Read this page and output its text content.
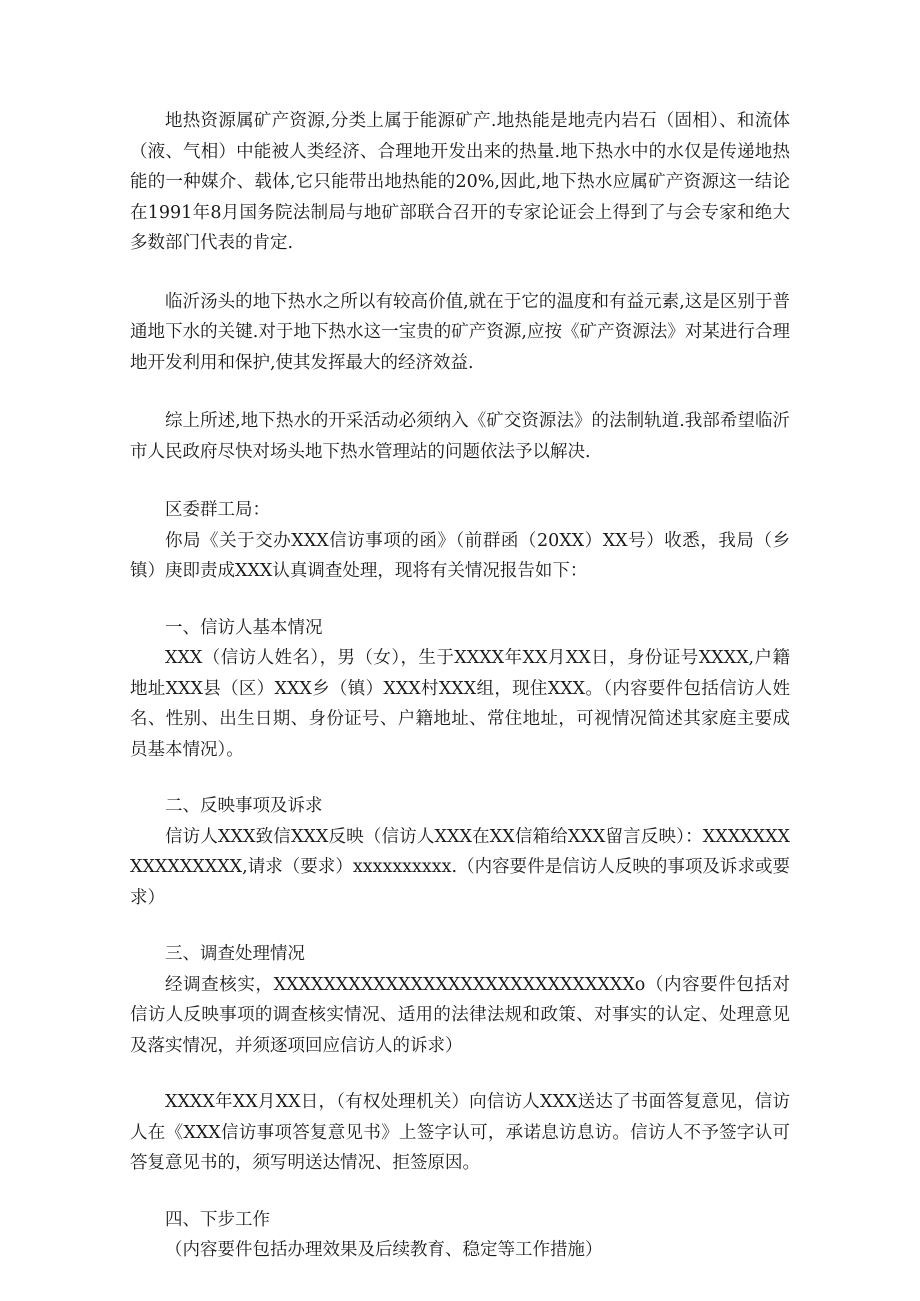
地热资源属矿产资源,分类上属于能源矿产.地热能是地壳内岩石（固相）、和流体（液、气相）中能被人类经济、合理地开发出来的热量.地下热水中的水仅是传递地热能的一种媒介、载体,它只能带出地热能的20%,因此,地下热水应属矿产资源这一结论在1991年8月国务院法制局与地矿部联合召开的专家论证会上得到了与会专家和绝大多数部门代表的肯定.

临沂汤头的地下热水之所以有较高价值,就在于它的温度和有益元素,这是区别于普通地下水的关键.对于地下热水这一宝贵的矿产资源,应按《矿产资源法》对某进行合理地开发利用和保护,使其发挥最大的经济效益.

综上所述,地下热水的开采活动必须纳入《矿交资源法》的法制轨道.我部希望临沂市人民政府尽快对场头地下热水管理站的问题依法予以解决.

区委群工局：

你局《关于交办XXX信访事项的函》（前群函（20XX）XX号）收悉，我局（乡镇）庚即责成XXX认真调查处理，现将有关情况报告如下：

一、信访人基本情况

XXX（信访人姓名），男（女），生于XXXX年XX月XX日，身份证号XXXX,户籍地址XXX县（区）XXX乡（镇）XXX村XXX组，现住XXX。（内容要件包括信访人姓名、性别、出生日期、身份证号、户籍地址、常住地址，可视情况简述其家庭主要成员基本情况）。

二、反映事项及诉求

信访人XXX致信XXX反映（信访人XXX在XX信箱给XXX留言反映）：XXXXXXXXXXXXXXXX,请求（要求）xxxxxxxxxx.（内容要件是信访人反映的事项及诉求或要求）

三、调查处理情况

经调查核实，XXXXXXXXXXXXXXXXXXXXXXXXXXXXXo（内容要件包括对信访人反映事项的调查核实情况、适用的法律法规和政策、对事实的认定、处理意见及落实情况，并须逐项回应信访人的诉求）

XXXX年XX月XX日，（有权处理机关）向信访人XXX送达了书面答复意见，信访人在《XXX信访事项答复意见书》上签字认可，承诺息访息访。信访人不予签字认可答复意见书的，须写明送达情况、拒签原因。

四、下步工作

（内容要件包括办理效果及后续教育、稳定等工作措施）
